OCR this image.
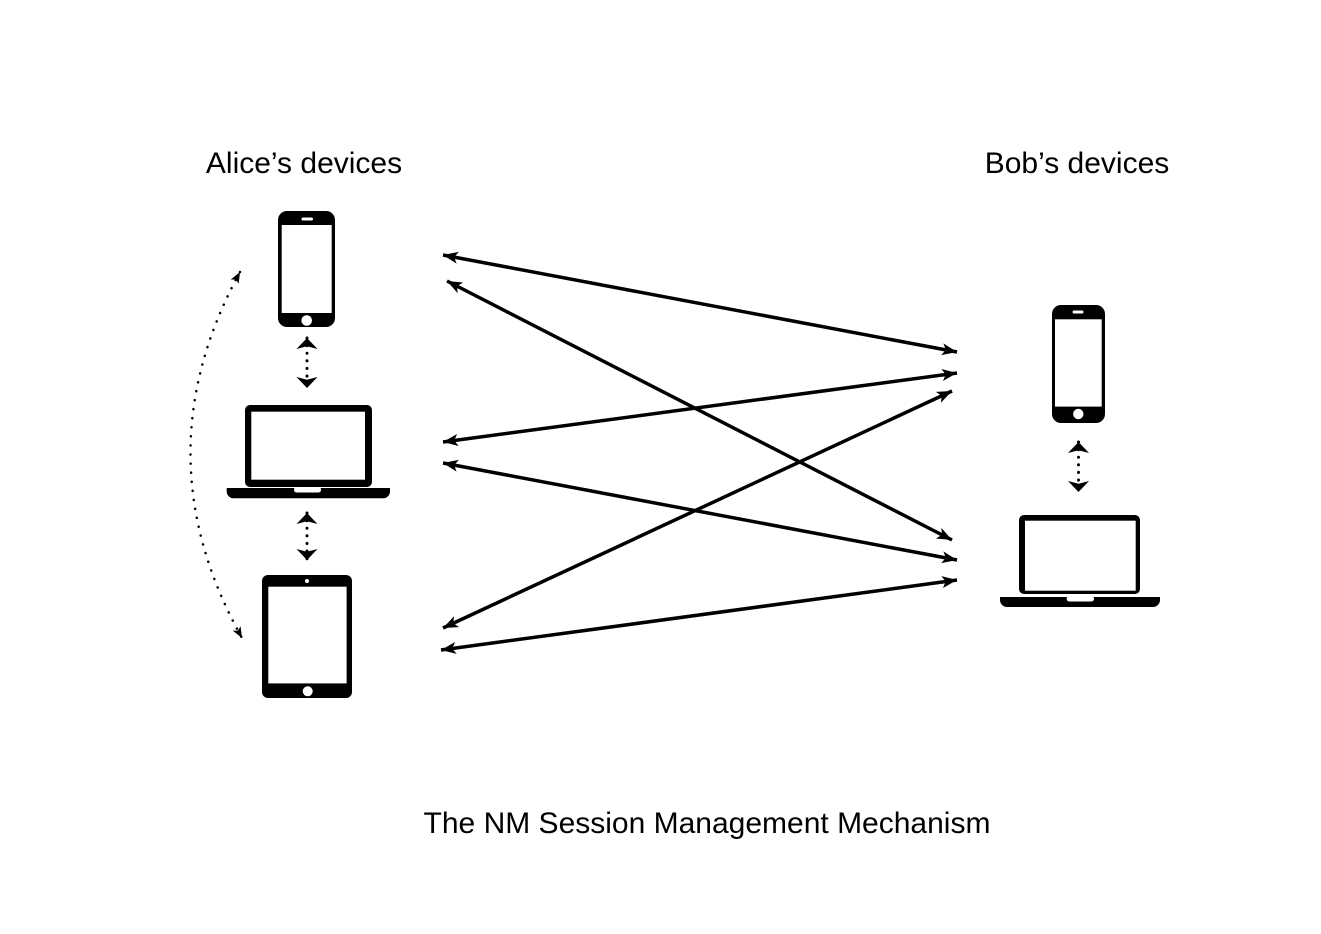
Alice’s devices	Bob’s devices
The NM Session Management Mechanism
